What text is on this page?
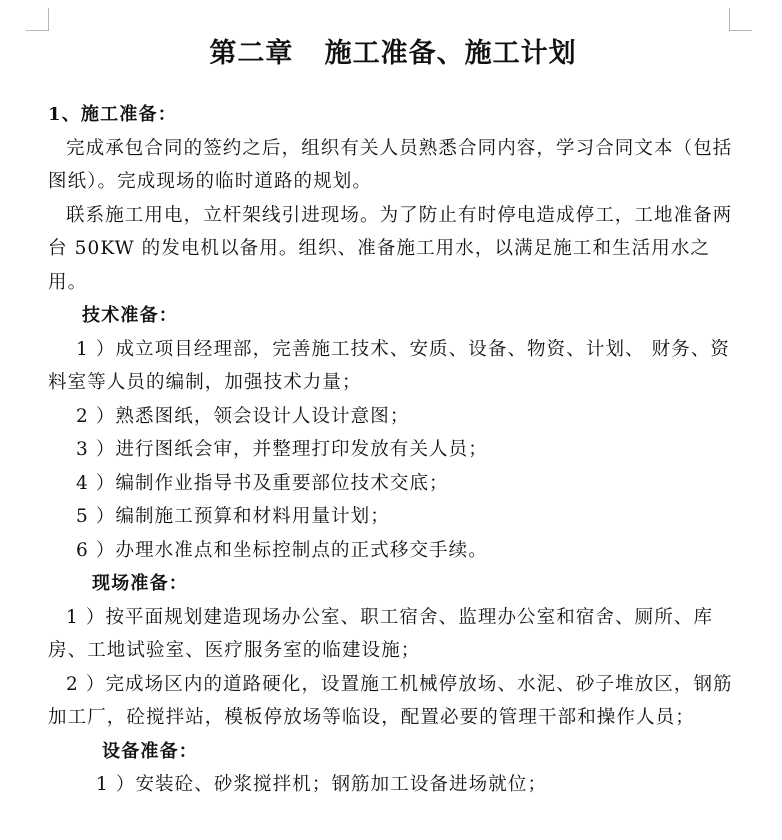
第二章   施工准备、施工计划

1、施工准备：

完成承包合同的签约之后，组织有关人员熟悉合同内容，学习合同文本（包括图纸）。完成现场的临时道路的规划。

联系施工用电，立杆架线引进现场。为了防止有时停电造成停工，工地准备两台 50KW 的发电机以备用。组织、准备施工用水，以满足施工和生活用水之用。

技术准备：

1 ）成立项目经理部，完善施工技术、安质、设备、物资、计划、 财务、资料室等人员的编制，加强技术力量；

2 ）熟悉图纸，领会设计人设计意图；

3 ）进行图纸会审，并整理打印发放有关人员；

4 ）编制作业指导书及重要部位技术交底；

5 ）编制施工预算和材料用量计划；

6 ）办理水准点和坐标控制点的正式移交手续。

现场准备：

1 ）按平面规划建造现场办公室、职工宿舍、监理办公室和宿舍、厕所、库房、工地试验室、医疗服务室的临建设施；

2 ）完成场区内的道路硬化，设置施工机械停放场、水泥、砂子堆放区，钢筋加工厂，砼搅拌站，模板停放场等临设，配置必要的管理干部和操作人员；

设备准备：

1 ）安装砼、砂浆搅拌机；钢筋加工设备进场就位；
